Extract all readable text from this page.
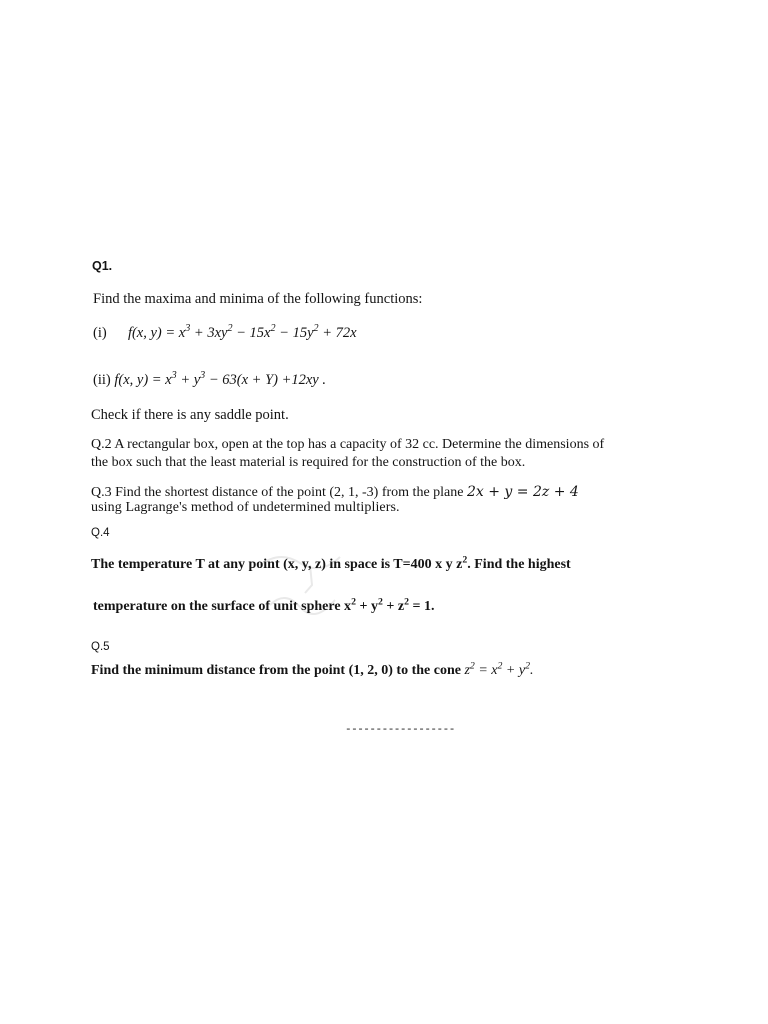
Q1.
Find the maxima and minima of the following functions:
(i) f(x, $y) = x^3 + 3xy^2 - 15x^2 - 15y^2 + 72x$
(ii) f(x, $y) = x^3 + y^3 - 63(x + Y) +12xy$ .
Check if there is any saddle point.
Q.2 A rectangular box, open at the top has a capacity of 32 cc. Determine the dimensions of
the box such that the least material is required for the construction of the box.
Q.3 Find the shortest distance of the point (2, 1, -3) from the plane 2x + y = 2z + 4
using Lagrange's method of undetermined multipliers.
Q.4
The temperature T at any point (x, y, z) in space is T=400 x y $z^2$. Find the highest
temperature on the surface of unit sphere $x^2 + y^2 + z^2 = 1$.
Q.5
Find the minimum distance from the point (1, 2, 0) to the cone $z^2 = x^2 + y^2$.
------------------
